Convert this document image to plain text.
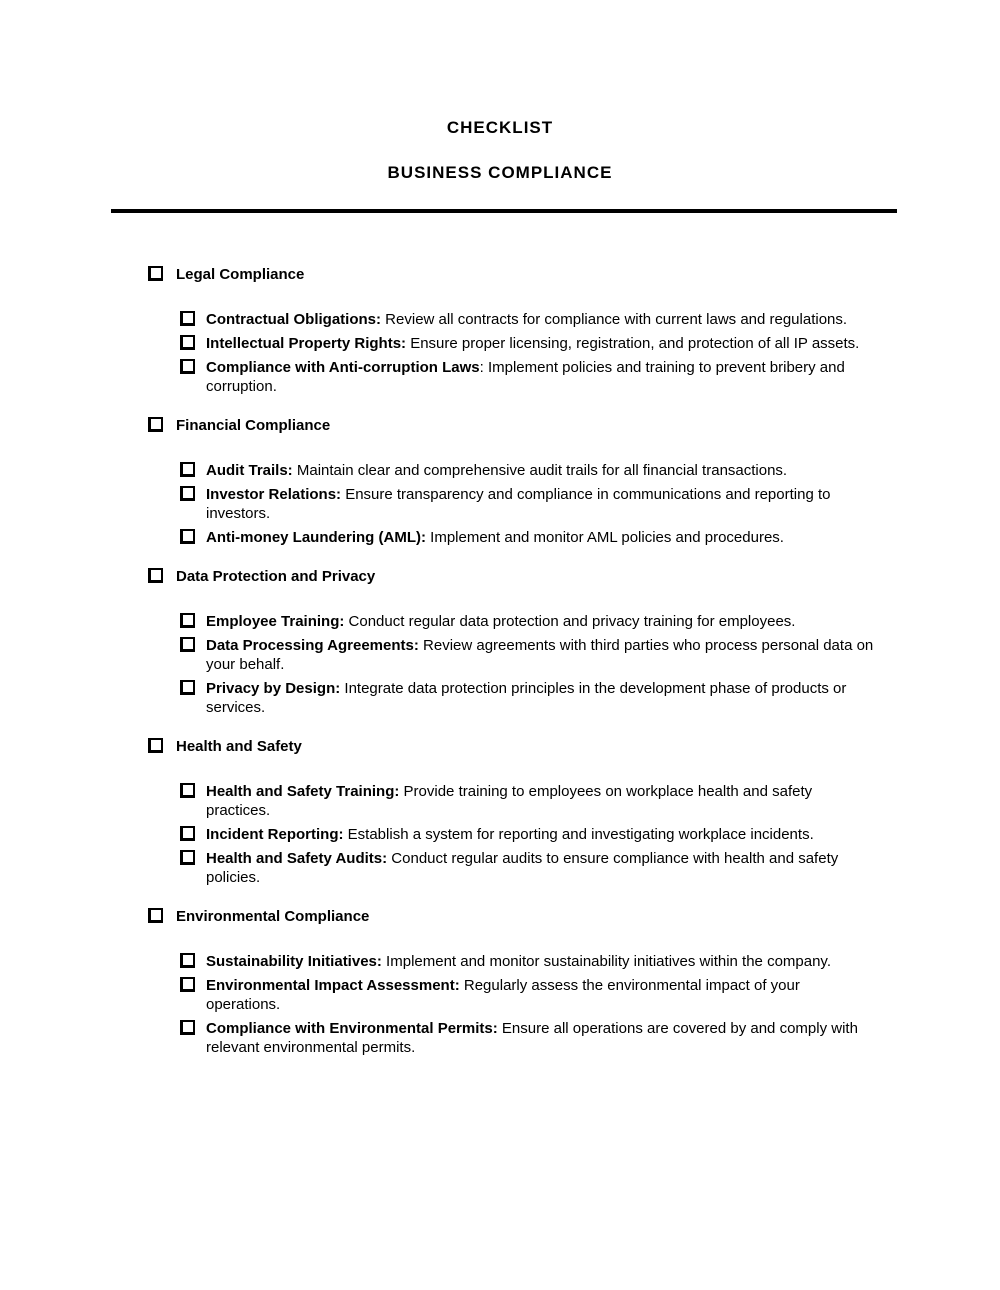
CHECKLIST
BUSINESS COMPLIANCE
Legal Compliance
Contractual Obligations: Review all contracts for compliance with current laws and regulations.
Intellectual Property Rights: Ensure proper licensing, registration, and protection of all IP assets.
Compliance with Anti-corruption Laws: Implement policies and training to prevent bribery and corruption.
Financial Compliance
Audit Trails: Maintain clear and comprehensive audit trails for all financial transactions.
Investor Relations: Ensure transparency and compliance in communications and reporting to investors.
Anti-money Laundering (AML): Implement and monitor AML policies and procedures.
Data Protection and Privacy
Employee Training: Conduct regular data protection and privacy training for employees.
Data Processing Agreements: Review agreements with third parties who process personal data on your behalf.
Privacy by Design: Integrate data protection principles in the development phase of products or services.
Health and Safety
Health and Safety Training: Provide training to employees on workplace health and safety practices.
Incident Reporting: Establish a system for reporting and investigating workplace incidents.
Health and Safety Audits: Conduct regular audits to ensure compliance with health and safety policies.
Environmental Compliance
Sustainability Initiatives: Implement and monitor sustainability initiatives within the company.
Environmental Impact Assessment: Regularly assess the environmental impact of your operations.
Compliance with Environmental Permits: Ensure all operations are covered by and comply with relevant environmental permits.
